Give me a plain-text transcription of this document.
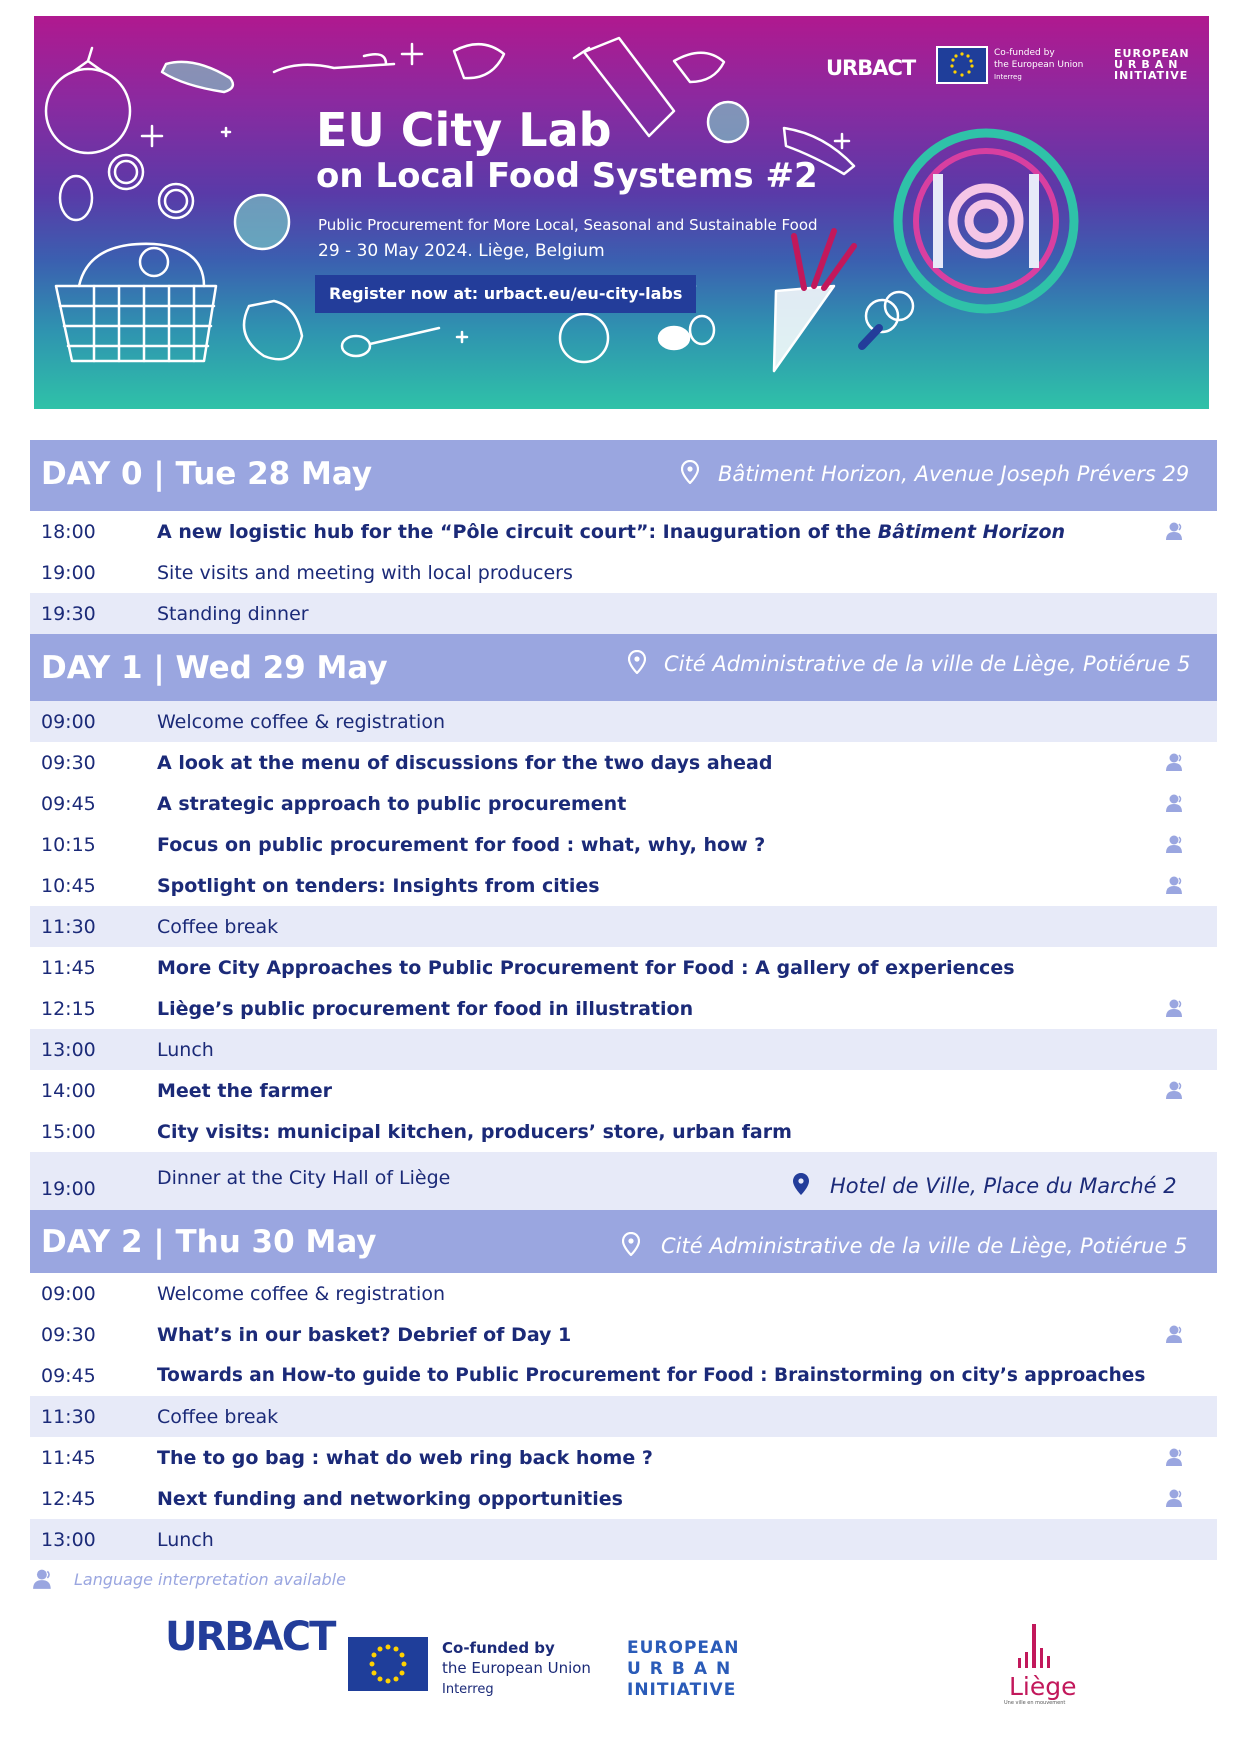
EU City Lab
on Local Food Systems #2
Public Procurement for More Local, Seasonal and Sustainable Food
29 - 30 May 2024. Liège, Belgium
Register now at: urbact.eu/eu-city-labs
URBACT
Co-funded by
the European Union
Interreg
EUROPEAN
URBAN
INITIATIVE
DAY 0 | Tue 28 May	Bâtiment Horizon, Avenue Joseph Prévers 29
18:00	A new logistic hub for the “Pôle circuit court”: Inauguration of the Bâtiment Horizon
19:00	Site visits and meeting with local producers
19:30	Standing dinner
DAY 1 | Wed 29 May	Cité Administrative de la ville de Liège, Potiérue 5
09:00	Welcome coffee & registration
09:30	A look at the menu of discussions for the two days ahead
09:45	A strategic approach to public procurement
10:15	Focus on public procurement for food : what, why, how ?
10:45	Spotlight on tenders: Insights from cities
11:30	Coffee break
11:45	More City Approaches to Public Procurement for Food : A gallery of experiences
12:15	Liège’s public procurement for food in illustration
13:00	Lunch
14:00	Meet the farmer
15:00	City visits: municipal kitchen, producers’ store, urban farm
19:00	Dinner at the City Hall of Liège	Hotel de Ville, Place du Marché 2
DAY 2 | Thu 30 May	Cité Administrative de la ville de Liège, Potiérue 5
09:00	Welcome coffee & registration
09:30	What’s in our basket? Debrief of Day 1
09:45	Towards an How-to guide to Public Procurement for Food : Brainstorming on city’s approaches
11:30	Coffee break
11:45	The to go bag : what do web ring back home ?
12:45	Next funding and networking opportunities
13:00	Lunch
Language interpretation available
URBACT	Co-funded by
the European Union
Interreg
EUROPEAN
URBAN
INITIATIVE	Liège
Une ville en mouvement
